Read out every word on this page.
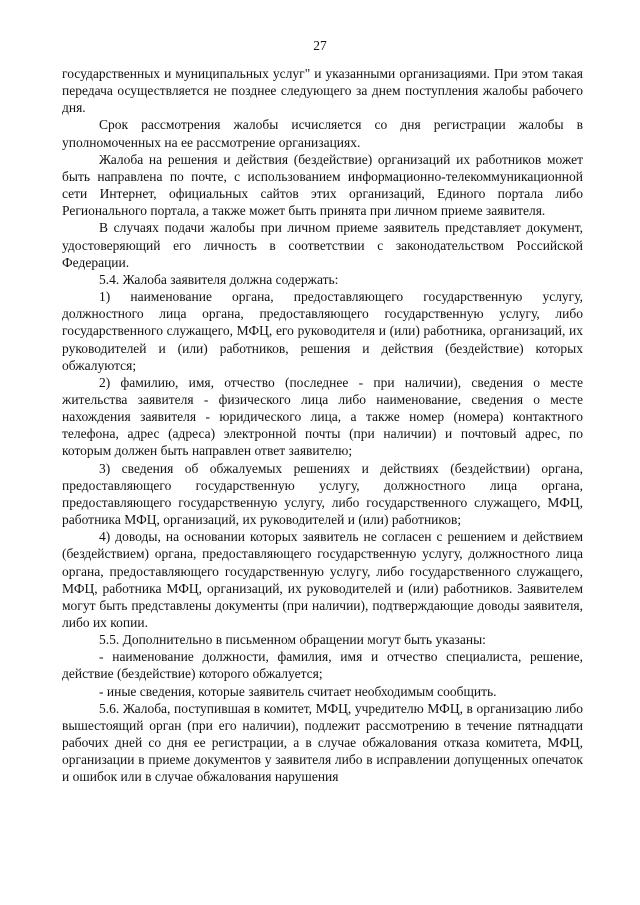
27

государственных и муниципальных услуг" и указанными организациями. При этом такая передача осуществляется не позднее следующего за днем поступления жалобы рабочего дня.

Срок рассмотрения жалобы исчисляется со дня регистрации жалобы в уполномоченных на ее рассмотрение организациях.

Жалоба на решения и действия (бездействие) организаций их работников может быть направлена по почте, с использованием информационно-телекоммуникационной сети Интернет, официальных сайтов этих организаций, Единого портала либо Регионального портала, а также может быть принята при личном приеме заявителя.

В случаях подачи жалобы при личном приеме заявитель представляет документ, удостоверяющий его личность в соответствии с законодательством Российской Федерации.

5.4. Жалоба заявителя должна содержать:

1) наименование органа, предоставляющего государственную услугу, должностного лица органа, предоставляющего государственную услугу, либо государственного служащего, МФЦ, его руководителя и (или) работника, организаций, их руководителей и (или) работников, решения и действия (бездействие) которых обжалуются;

2) фамилию, имя, отчество (последнее - при наличии), сведения о месте жительства заявителя - физического лица либо наименование, сведения о месте нахождения заявителя - юридического лица, а также номер (номера) контактного телефона, адрес (адреса) электронной почты (при наличии) и почтовый адрес, по которым должен быть направлен ответ заявителю;

3) сведения об обжалуемых решениях и действиях (бездействии) органа, предоставляющего государственную услугу, должностного лица органа, предоставляющего государственную услугу, либо государственного служащего, МФЦ, работника МФЦ, организаций, их руководителей и (или) работников;

4) доводы, на основании которых заявитель не согласен с решением и действием (бездействием) органа, предоставляющего государственную услугу, должностного лица органа, предоставляющего государственную услугу, либо государственного служащего, МФЦ, работника МФЦ, организаций, их руководителей и (или) работников. Заявителем могут быть представлены документы (при наличии), подтверждающие доводы заявителя, либо их копии.

5.5. Дополнительно в письменном обращении могут быть указаны:

- наименование должности, фамилия, имя и отчество специалиста, решение, действие (бездействие) которого обжалуется;

- иные сведения, которые заявитель считает необходимым сообщить.

5.6. Жалоба, поступившая в комитет, МФЦ, учредителю МФЦ, в организацию либо вышестоящий орган (при его наличии), подлежит рассмотрению в течение пятнадцати рабочих дней со дня ее регистрации, а в случае обжалования отказа комитета, МФЦ, организации в приеме документов у заявителя либо в исправлении допущенных опечаток и ошибок или в случае обжалования нарушения
